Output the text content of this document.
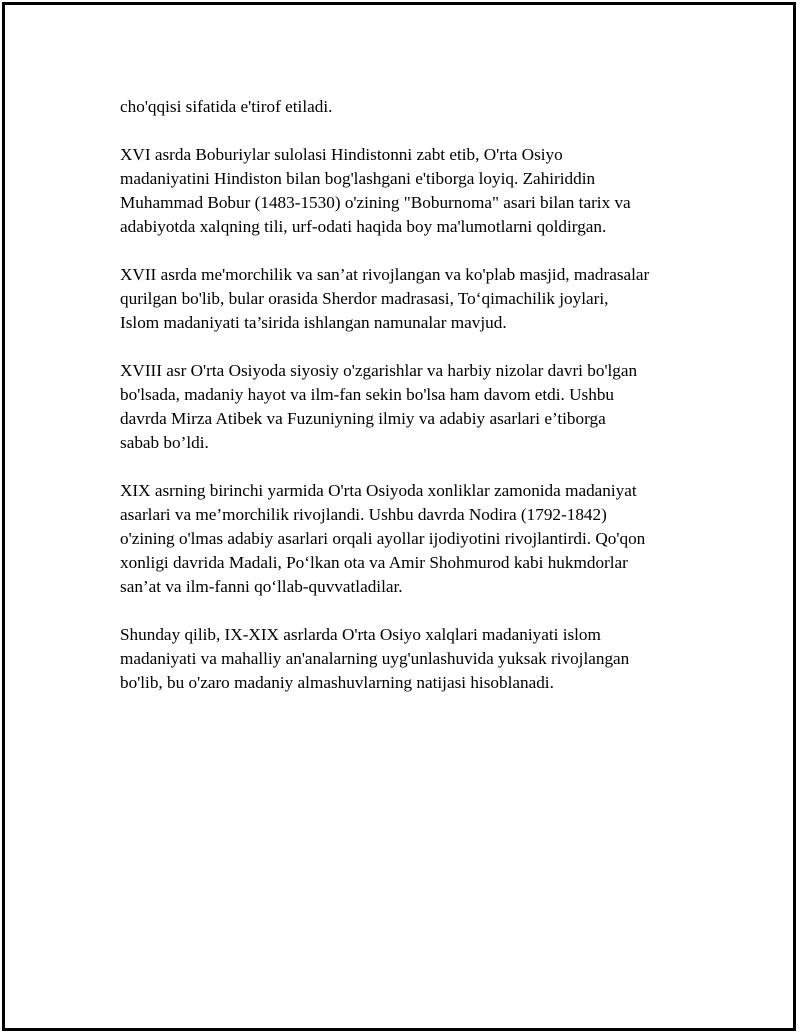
cho'qqisi sifatida e'tirof etiladi.

XVI asrda Boburiylar sulolasi Hindistonni zabt etib, O'rta Osiyo
madaniyatini Hindiston bilan bog'lashgani e'tiborga loyiq. Zahiriddin
Muhammad Bobur (1483-1530) o'zining "Boburnoma" asari bilan tarix va
adabiyotda xalqning tili, urf-odati haqida boy ma'lumotlarni qoldirgan.

XVII asrda me'morchilik va san’at rivojlangan va ko'plab masjid, madrasalar
qurilgan bo'lib, bular orasida Sherdor madrasasi, To‘qimachilik joylari,
Islom madaniyati ta’sirida ishlangan namunalar mavjud.

XVIII asr O'rta Osiyoda siyosiy o'zgarishlar va harbiy nizolar davri bo'lgan
bo'lsada, madaniy hayot va ilm-fan sekin bo'lsa ham davom etdi. Ushbu
davrda Mirza Atibek va Fuzuniyning ilmiy va adabiy asarlari e’tiborga
sabab bo’ldi.

XIX asrning birinchi yarmida O'rta Osiyoda xonliklar zamonida madaniyat
asarlari va me’morchilik rivojlandi. Ushbu davrda Nodira (1792-1842)
o'zining o'lmas adabiy asarlari orqali ayollar ijodiyotini rivojlantirdi. Qo'qon
xonligi davrida Madali, Po‘lkan ota va Amir Shohmurod kabi hukmdorlar
san’at va ilm-fanni qo‘llab-quvvatladilar.

Shunday qilib, IX-XIX asrlarda O'rta Osiyo xalqlari madaniyati islom
madaniyati va mahalliy an'analarning uyg'unlashuvida yuksak rivojlangan
bo'lib, bu o'zaro madaniy almashuvlarning natijasi hisoblanadi.
